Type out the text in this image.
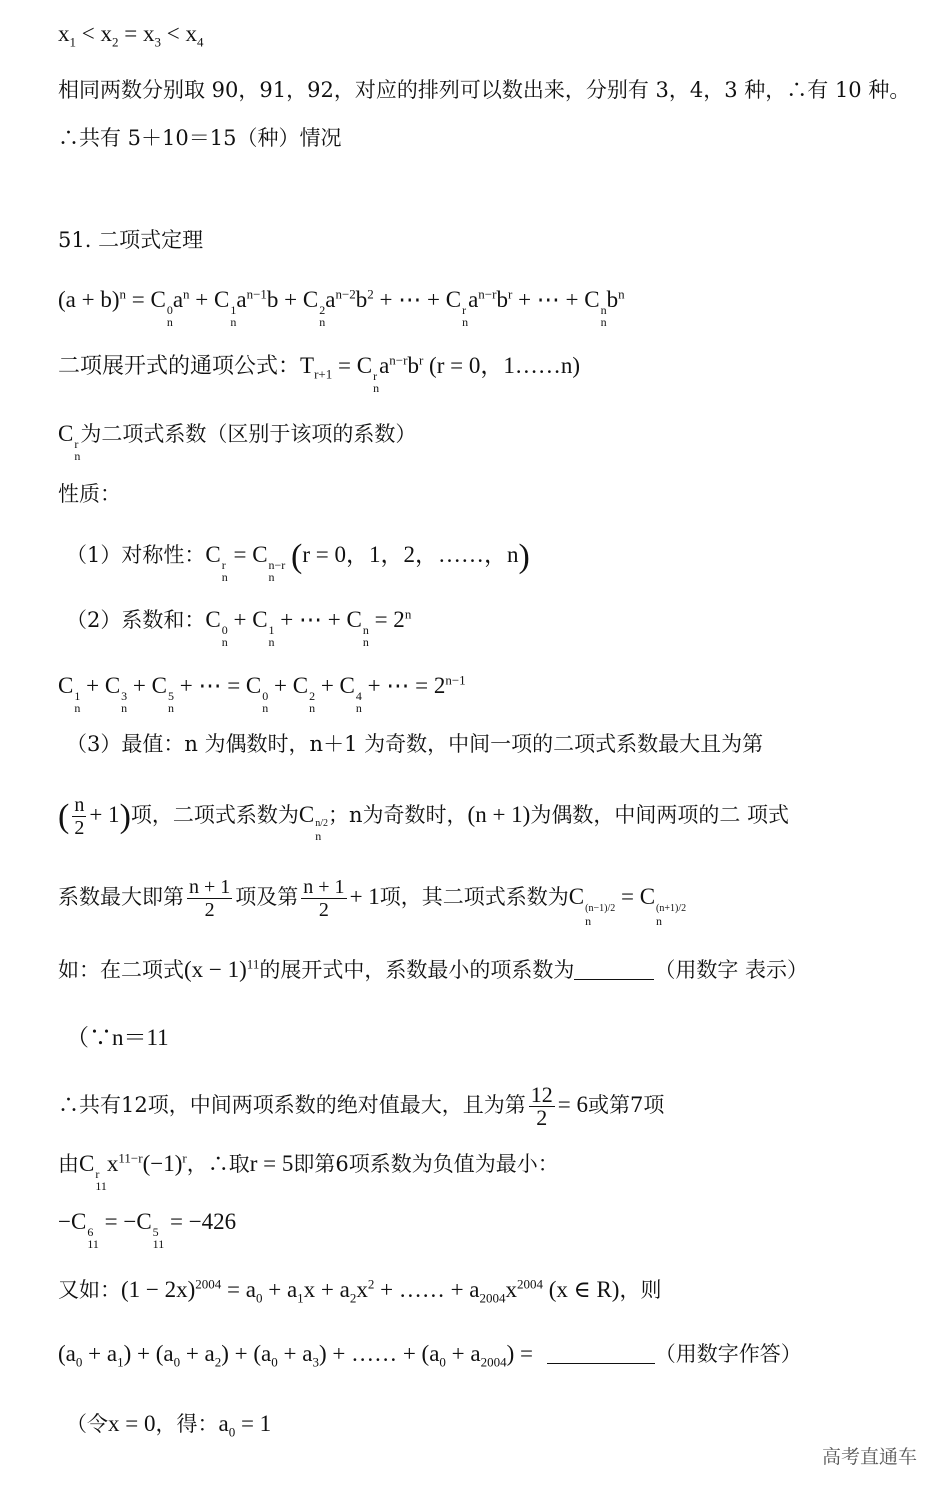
$x_1 < x_2 = x_3 < x_4$
相同两数分别取 90，91，92，对应的排列可以数出来，分别有 3，4，3 种，∴有 10 种。
∴共有 5＋10＝15（种）情况
51. 二项式定理
$(a + b)^n = C$ 0
n
$a^n + C$ 1
n
$a^{n-1}b + C$ 2
n
$a^{n-2}b^2$ + ⋯ + C r
n
$a^{n-r}b^r$ + ⋯ + C n
n
$b^n$
二项展开式的通项公式：$T_{r+1} = C$ r
n
$a^{n-r}b^r$ (r = 0，1……n)
C r
n
为二项式系数（区别于该项的系数）
性质：
（1）对称性：C r
n
= C n−r
n
(r = 0，1，2，……，n)
（2）系数和：C 0
n
+ C 1
n
+ ⋯ + C n
n
= $2^n$
C 1
n
+ C 3
n
+ C 5
n
+ ⋯ = C 0
n
+ C 2
n
+ C 4
n
+ ⋯ = $2^{n-1}$
（3）最值：n 为偶数时，n＋1 为奇数，中间一项的二项式系数最大且为第
( $\frac{n}{2} + 1$)项，二项式系数为C n/2
n
；n为奇数时，(n + 1)为偶数，中间两项的二 项式
系数最大即第 $\frac{n + 1}{2}$ 项及第 $\frac{n + 1}{2} + 1$项，其二项式系数为C (n−1)/2
n
= C (n+1)/2
n
如：在二项式$(x - 1)^{11}$的展开式中，系数最小的项系数为	（用数字 表示）
（∵n＝11
∴共有12项，中间两项系数的绝对值最大，且为第 $\frac{12}{2} = 6$或第7项
由C r
11
$x^{11-r}(-1)^r$，∴取r = 5即第6项系数为负值为最小：
−C 6
11
= −C 5
11
= −426
又如：$(1 - 2x)^{2004} = a_0 + a_1x + a_2x^2$ + …… + $a_{2004}x^{2004}$ (x ∈ R)，则
$(a_0 + a_1) + (a_0 + a_2) + (a_0 + a_3)$ + …… + $(a_0 + a_{2004})$ =	（用数字作答）
（令x = 0，得：$a_0 = 1$
高考直通车
